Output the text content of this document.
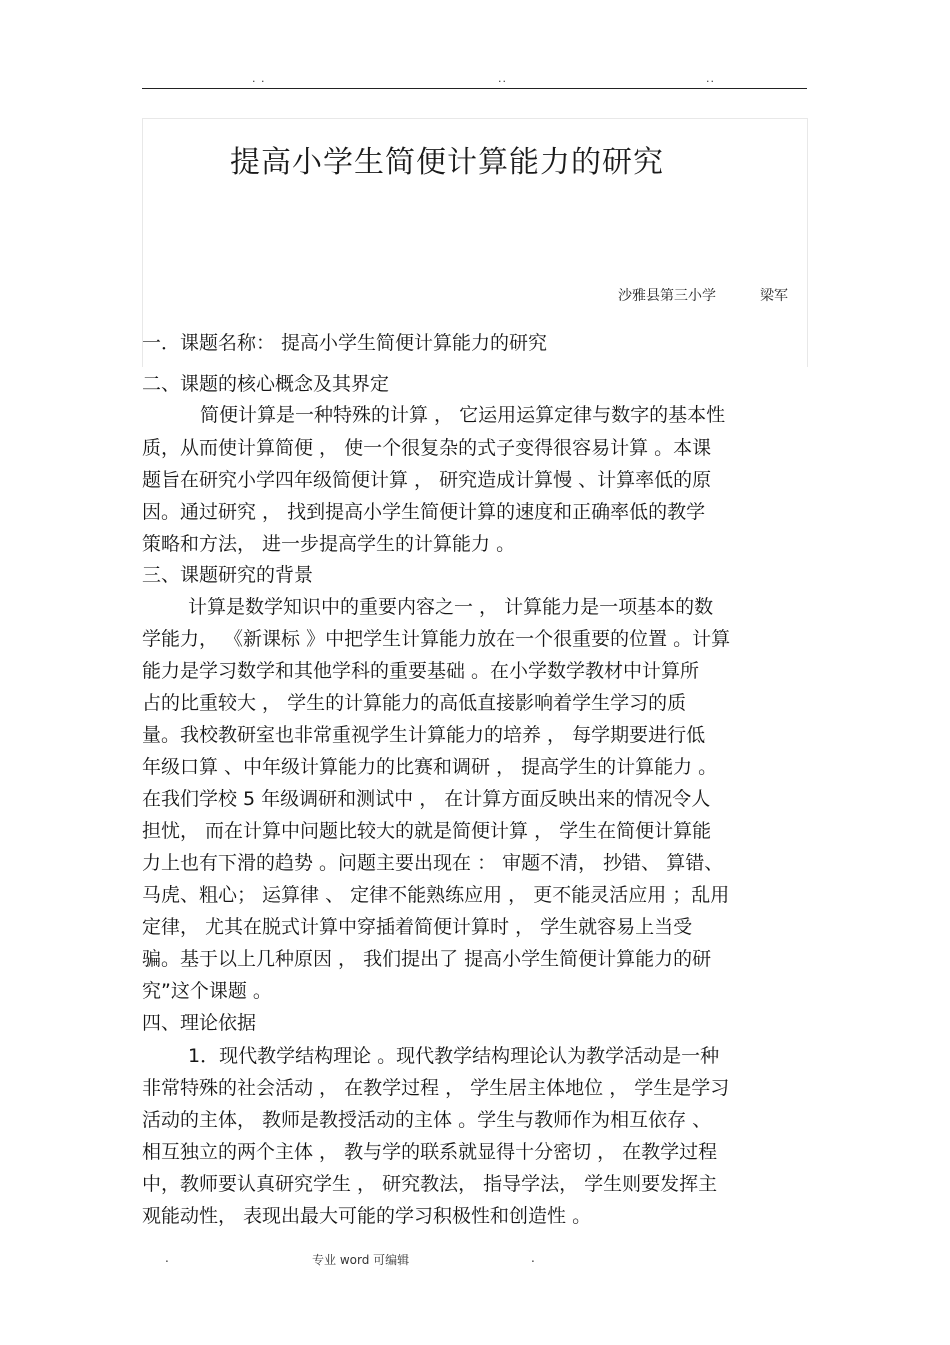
. .	..	..
提高小学生简便计算能力的研究
沙雅县第三小学	梁军
一．课题名称： 提高小学生简便计算能力的研究
二、课题的核心概念及其界定
简便计算是一种特殊的计算 ， 它运用运算定律与数字的基本性
质，从而使计算简便 ， 使一个很复杂的式子变得很容易计算 。本课
题旨在研究小学四年级简便计算 ， 研究造成计算慢 、计算率低的原
因。通过研究 ， 找到提高小学生简便计算的速度和正确率低的教学
策略和方法， 进一步提高学生的计算能力 。
三、课题研究的背景
计算是数学知识中的重要内容之一 ， 计算能力是一项基本的数
学能力， 《新课标 》中把学生计算能力放在一个很重要的位置 。计算
能力是学习数学和其他学科的重要基础 。在小学数学教材中计算所
占的比重较大 ， 学生的计算能力的高低直接影响着学生学习的质
量。我校教研室也非常重视学生计算能力的培养 ， 每学期要进行低
年级口算 、中年级计算能力的比赛和调研 ， 提高学生的计算能力 。
在我们学校 5 年级调研和测试中 ， 在计算方面反映出来的情况令人
担忧， 而在计算中问题比较大的就是简便计算 ， 学生在简便计算能
力上也有下滑的趋势 。问题主要出现在 ： 审题不清， 抄错、 算错、
马虎、粗心； 运算律 、 定律不能熟练应用 ， 更不能灵活应用 ；乱用
定律， 尤其在脱式计算中穿插着简便计算时 ， 学生就容易上当受
骗。基于以上几种原因 ， 我们提出了 提高小学生简便计算能力的研
究”这个课题 。
四、理论依据
1．现代教学结构理论 。现代教学结构理论认为教学活动是一种
非常特殊的社会活动 ， 在教学过程 ， 学生居主体地位 ， 学生是学习
活动的主体， 教师是教授活动的主体 。学生与教师作为相互依存 、
相互独立的两个主体 ， 教与学的联系就显得十分密切 ， 在教学过程
中，教师要认真研究学生 ， 研究教法， 指导学法， 学生则要发挥主
观能动性， 表现出最大可能的学习积极性和创造性 。
.	专业 word 可编辑	.
